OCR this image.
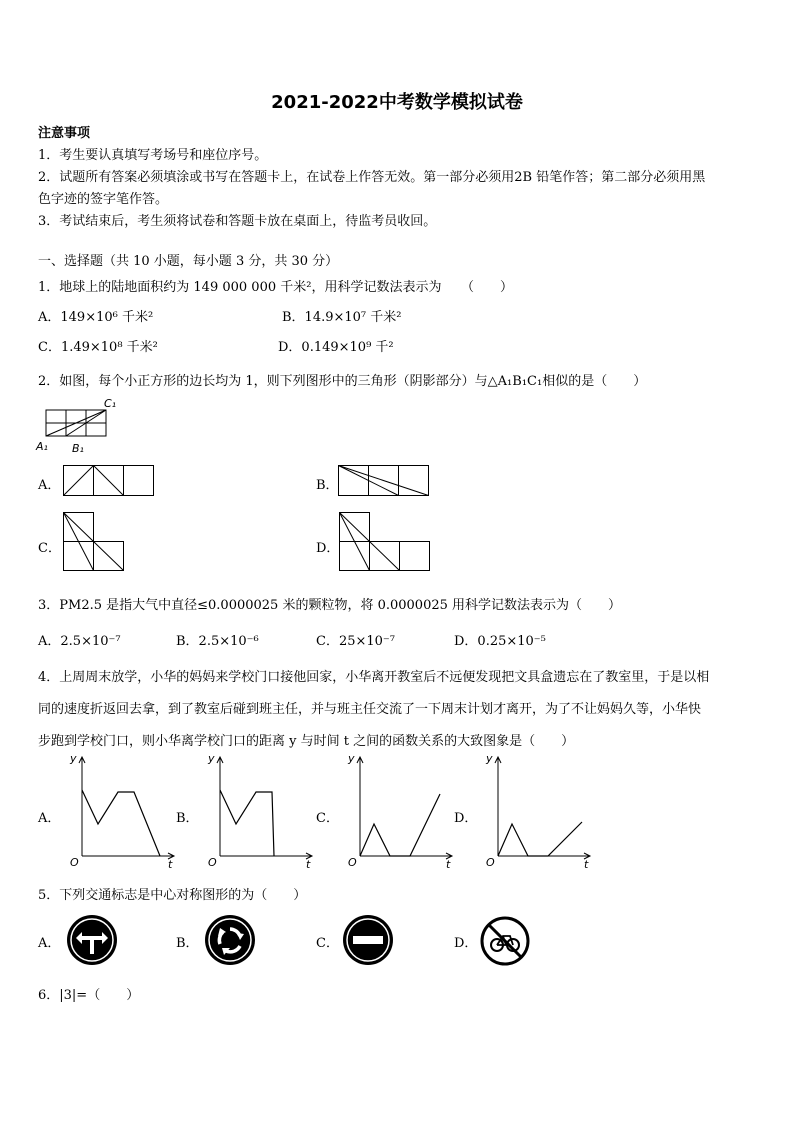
2021-2022中考数学模拟试卷
注意事项
1．考生要认真填写考场号和座位序号。
2．试题所有答案必须填涂或书写在答题卡上，在试卷上作答无效。第一部分必须用2B 铅笔作答；第二部分必须用黑
色字迹的签字笔作答。
3．考试结束后，考生须将试卷和答题卡放在桌面上，待监考员收回。
一、选择题（共 10 小题，每小题 3 分，共 30 分）
1．地球上的陆地面积约为 149 000 000 千米²，用科学记数法表示为　　（　　）
A．149×10⁶ 千米²	B．14.9×10⁷ 千米²
C．1.49×10⁸ 千米²	D．0.149×10⁹ 千²
2．如图，每个小正方形的边长均为 1，则下列图形中的三角形（阴影部分）与△A₁B₁C₁相似的是（　　）
A₁ B₁
C₁
A．	B．
C．	D．
3．PM2.5 是指大气中直径≤0.0000025 米的颗粒物，将 0.0000025 用科学记数法表示为（　　）
A．2.5×10⁻⁷	B．2.5×10⁻⁶	C．25×10⁻⁷	D．0.25×10⁻⁵
4．上周周末放学，小华的妈妈来学校门口接他回家，小华离开教室后不远便发现把文具盒遗忘在了教室里，于是以相
同的速度折返回去拿，到了教室后碰到班主任，并与班主任交流了一下周末计划才离开，为了不让妈妈久等，小华快
步跑到学校门口，则小华离学校门口的距离 y 与时间 t 之间的函数关系的大致图象是（　　）
A．	B．	C．	D．
y
t
O
y
t
O
y
t
O
y
t
O
5．下列交通标志是中心对称图形的为（　　）
A．	B．	C．	D．
6．|3|=（　　）
